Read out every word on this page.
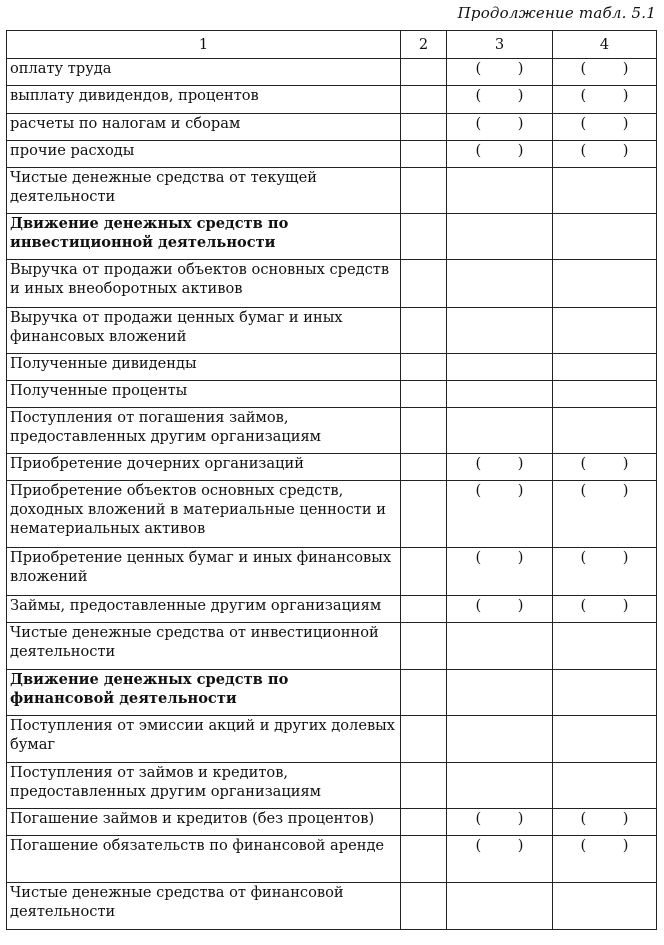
Продолжение табл. 5.1
1	2	3	4
оплату труда		( )	( )

выплату дивидендов, процентов		( )	( )

расчеты по налогам и сборам		( )	( )

прочие расходы		( )	( )

Чистые денежные средства от текущей деятельности			
Движение денежных средств по инвестиционной деятельности			
Выручка от продажи объектов основных средств и иных внеоборотных активов			
Выручка от продажи ценных бумаг и иных финансовых вложений			
Полученные дивиденды			
Полученные проценты			
Поступления от погашения займов, предоставленных другим организациям			
Приобретение дочерних организаций		( )	( )

Приобретение объектов основных средств, доходных вложений в материальные ценности и нематериальных активов		( )	( )

Приобретение ценных бумаг и иных финансовых вложений		( )	( )

Займы, предоставленные другим организациям		( )	( )

Чистые денежные средства от инвестиционной деятельности			
Движение денежных средств по финансовой деятельности			
Поступления от эмиссии акций и других долевых бумаг			
Поступления от займов и кредитов, предоставленных другим организациям			
Погашение займов и кредитов (без процентов)		( )	( )

Погашение обязательств по финансовой аренде		( )	( )

Чистые денежные средства от финансовой деятельности			
